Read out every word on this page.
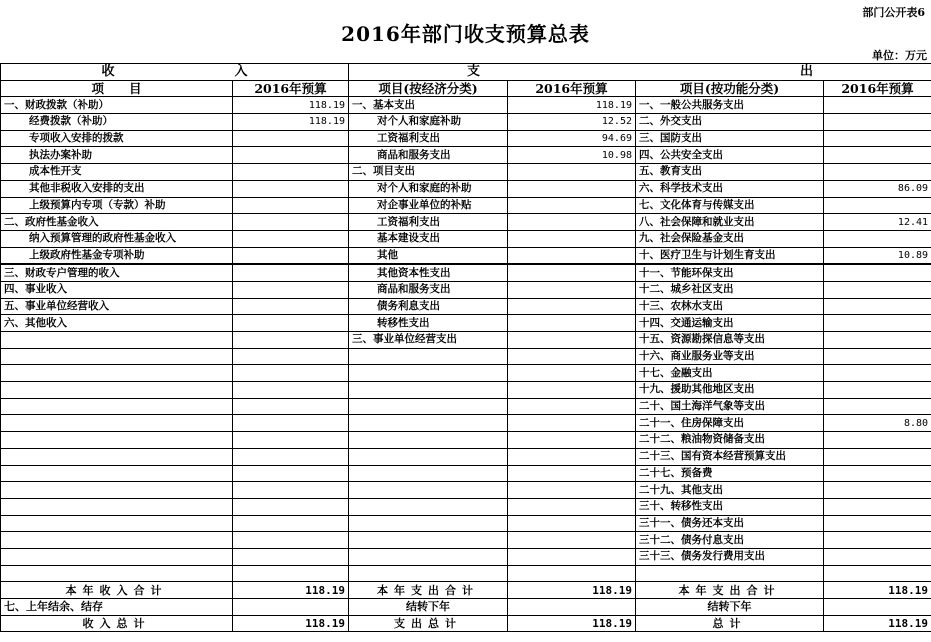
部门公开表6
2016年部门收支预算总表
单位：万元
收 入		支 出			
项　　目	2016年预算	项目(按经济分类)	2016年预算	项目(按功能分类)	2016年预算
一、财政拨款（补助）	118.19	一、基本支出	118.19	一、一般公共服务支出	
经费拨款（补助）	118.19	对个人和家庭补助	12.52	二、外交支出	
专项收入安排的拨款		工资福利支出	94.69	三、国防支出	
执法办案补助		商品和服务支出	10.98	四、公共安全支出	
成本性开支		二、项目支出		五、教育支出	
其他非税收入安排的支出		对个人和家庭的补助		六、科学技术支出	86.09
上级预算内专项（专款）补助		对企事业单位的补贴		七、文化体育与传媒支出	
二、政府性基金收入		工资福利支出		八、社会保障和就业支出	12.41
纳入预算管理的政府性基金收入		基本建设支出		九、社会保险基金支出	
上级政府性基金专项补助		其他		十、医疗卫生与计划生育支出	10.89
三、财政专户管理的收入		其他资本性支出		十一、节能环保支出	
四、事业收入		商品和服务支出		十二、城乡社区支出	
五、事业单位经营收入		债务利息支出		十三、农林水支出	
六、其他收入		转移性支出		十四、交通运输支出	
		三、事业单位经营支出		十五、资源勘探信息等支出	
				十六、商业服务业等支出	
				十七、金融支出	
				十九、援助其他地区支出	
				二十、国土海洋气象等支出	
				二十一、住房保障支出	8.80
				二十二、粮油物资储备支出	
				二十三、国有资本经营预算支出	
				二十七、预备费	
				二十九、其他支出	
				三十、转移性支出	
				三十一、债务还本支出	
				三十二、债务付息支出	
				三十三、债务发行费用支出	

本年收入合计	118.19	本年支出合计	118.19	本年支出合计	118.19
七、上年结余、结存		结转下年		结转下年	
收入总计	118.19	支出总计	118.19	总计	118.19
